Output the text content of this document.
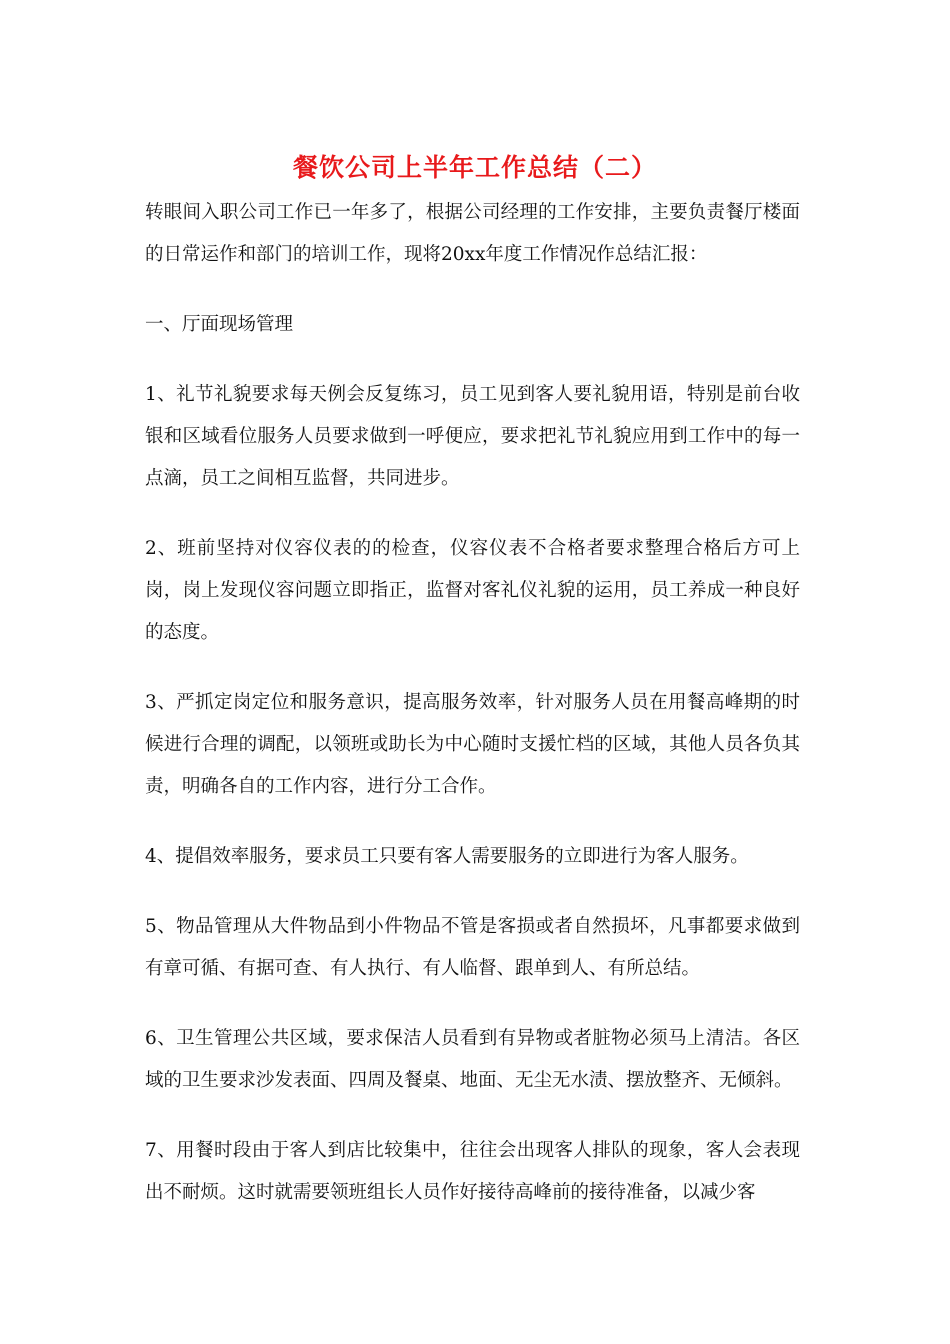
餐饮公司上半年工作总结（二）

转眼间入职公司工作已一年多了，根据公司经理的工作安排，主要负责餐厅楼面的日常运作和部门的培训工作，现将20xx年度工作情况作总结汇报：

一、厅面现场管理

1、礼节礼貌要求每天例会反复练习，员工见到客人要礼貌用语，特别是前台收银和区域看位服务人员要求做到一呼便应，要求把礼节礼貌应用到工作中的每一点滴，员工之间相互监督，共同进步。

2、班前坚持对仪容仪表的的检查，仪容仪表不合格者要求整理合格后方可上岗，岗上发现仪容问题立即指正，监督对客礼仪礼貌的运用，员工养成一种良好的态度。

3、严抓定岗定位和服务意识，提高服务效率，针对服务人员在用餐高峰期的时候进行合理的调配，以领班或助长为中心随时支援忙档的区域，其他人员各负其责，明确各自的工作内容，进行分工合作。

4、提倡效率服务，要求员工只要有客人需要服务的立即进行为客人服务。

5、物品管理从大件物品到小件物品不管是客损或者自然损坏，凡事都要求做到有章可循、有据可查、有人执行、有人临督、跟单到人、有所总结。

6、卫生管理公共区域，要求保洁人员看到有异物或者脏物必须马上清洁。各区域的卫生要求沙发表面、四周及餐桌、地面、无尘无水渍、摆放整齐、无倾斜。

7、用餐时段由于客人到店比较集中，往往会出现客人排队的现象，客人会表现出不耐烦。这时就需要领班组长人员作好接待高峰前的接待准备，以减少客
